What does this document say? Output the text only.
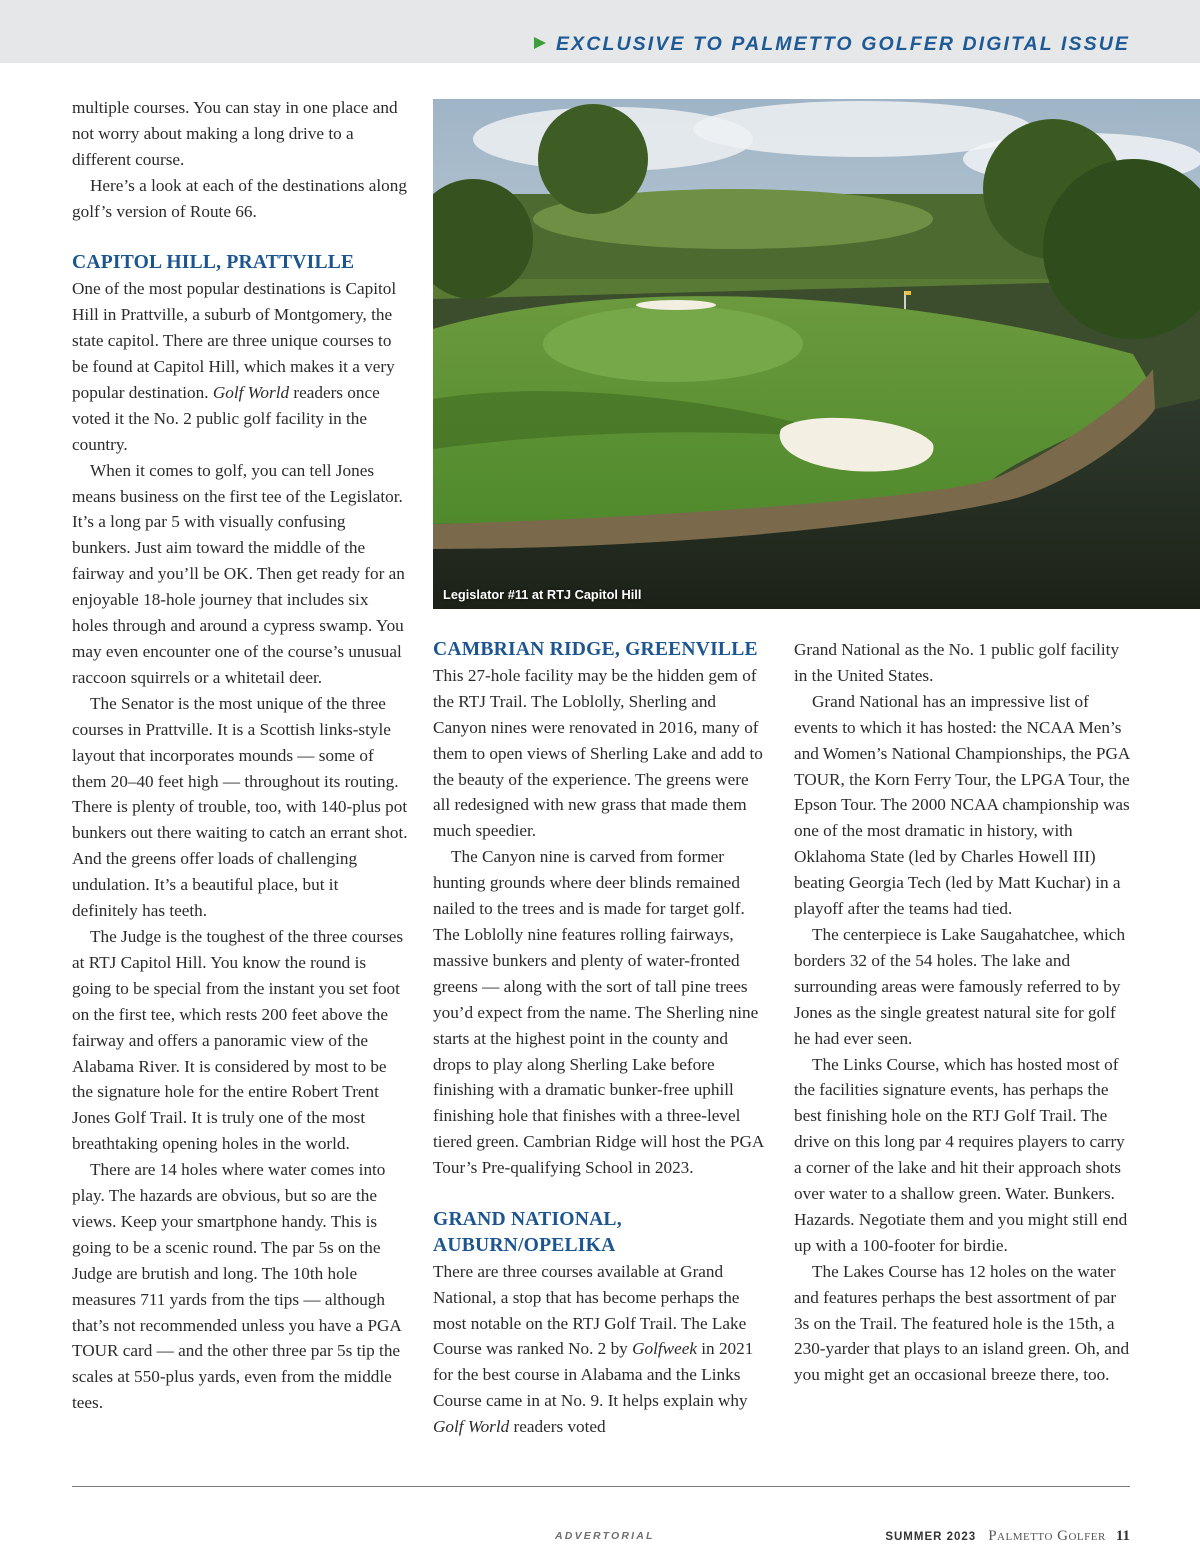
EXCLUSIVE TO PALMETTO GOLFER DIGITAL ISSUE

multiple courses. You can stay in one place and not worry about making a long drive to a different course.

Here’s a look at each of the destinations along golf’s version of Route 66.

CAPITOL HILL, PRATTVILLE

One of the most popular destinations is Capitol Hill in Prattville, a suburb of Montgomery, the state capitol. There are three unique courses to be found at Capitol Hill, which makes it a very popular destination. Golf World readers once voted it the No. 2 public golf facility in the country.

When it comes to golf, you can tell Jones means business on the first tee of the Legislator. It’s a long par 5 with visually confusing bunkers. Just aim toward the middle of the fairway and you’ll be OK. Then get ready for an enjoyable 18-hole journey that includes six holes through and around a cypress swamp. You may even encounter one of the course’s unusual raccoon squirrels or a whitetail deer.

The Senator is the most unique of the three courses in Prattville. It is a Scottish links-style layout that incorporates mounds — some of them 20–40 feet high — throughout its routing. There is plenty of trouble, too, with 140-plus pot bunkers out there waiting to catch an errant shot. And the greens offer loads of challenging undulation. It’s a beautiful place, but it definitely has teeth.

The Judge is the toughest of the three courses at RTJ Capitol Hill. You know the round is going to be special from the instant you set foot on the first tee, which rests 200 feet above the fairway and offers a panoramic view of the Alabama River. It is considered by most to be the signature hole for the entire Robert Trent Jones Golf Trail. It is truly one of the most breathtaking opening holes in the world.

There are 14 holes where water comes into play. The hazards are obvious, but so are the views. Keep your smartphone handy. This is going to be a scenic round. The par 5s on the Judge are brutish and long. The 10th hole measures 711 yards from the tips — although that’s not recommended unless you have a PGA TOUR card — and the other three par 5s tip the scales at 550-plus yards, even from the middle tees.

Legislator #11 at RTJ Capitol Hill
CAMBRIAN RIDGE, GREENVILLE

This 27-hole facility may be the hidden gem of the RTJ Trail. The Loblolly, Sherling and Canyon nines were renovated in 2016, many of them to open views of Sherling Lake and add to the beauty of the experience. The greens were all redesigned with new grass that made them much speedier.

The Canyon nine is carved from former hunting grounds where deer blinds remained nailed to the trees and is made for target golf. The Loblolly nine features rolling fairways, massive bunkers and plenty of water-fronted greens — along with the sort of tall pine trees you’d expect from the name. The Sherling nine starts at the highest point in the county and drops to play along Sherling Lake before finishing with a dramatic bunker-free uphill finishing hole that finishes with a three-level tiered green. Cambrian Ridge will host the PGA Tour’s Pre-qualifying School in 2023.

GRAND NATIONAL,
AUBURN/OPELIKA

There are three courses available at Grand National, a stop that has become perhaps the most notable on the RTJ Golf Trail. The Lake Course was ranked No. 2 by Golfweek in 2021 for the best course in Alabama and the Links Course came in at No. 9. It helps explain why Golf World readers voted

Grand National as the No. 1 public golf facility in the United States.

Grand National has an impressive list of events to which it has hosted: the NCAA Men’s and Women’s National Championships, the PGA TOUR, the Korn Ferry Tour, the LPGA Tour, the Epson Tour. The 2000 NCAA championship was one of the most dramatic in history, with Oklahoma State (led by Charles Howell III) beating Georgia Tech (led by Matt Kuchar) in a playoff after the teams had tied.

The centerpiece is Lake Saugahatchee, which borders 32 of the 54 holes. The lake and surrounding areas were famously referred to by Jones as the single greatest natural site for golf he had ever seen.

The Links Course, which has hosted most of the facilities signature events, has perhaps the best finishing hole on the RTJ Golf Trail. The drive on this long par 4 requires players to carry a corner of the lake and hit their approach shots over water to a shallow green. Water. Bunkers. Hazards. Negotiate them and you might still end up with a 100-footer for birdie.

The Lakes Course has 12 holes on the water and features perhaps the best assortment of par 3s on the Trail. The featured hole is the 15th, a 230-yarder that plays to an island green. Oh, and you might get an occasional breeze there, too.

ADVERTORIAL	SUMMER 2023 Palmetto Golfer 11
